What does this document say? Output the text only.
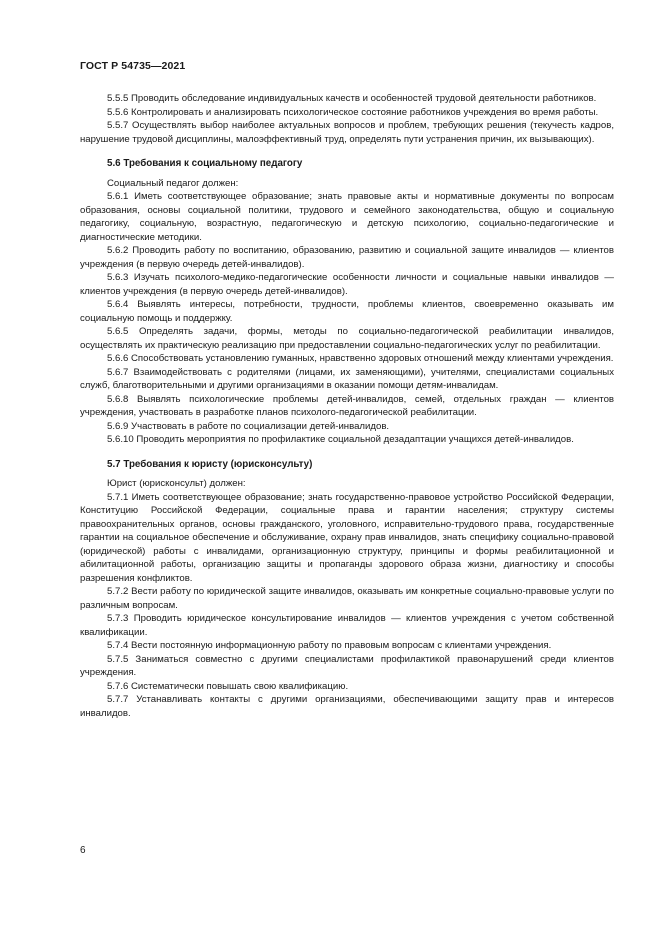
ГОСТ Р 54735—2021

5.5.5 Проводить обследование индивидуальных качеств и особенностей трудовой деятельности работников.

5.5.6 Контролировать и анализировать психологическое состояние работников учреждения во время работы.

5.5.7 Осуществлять выбор наиболее актуальных вопросов и проблем, требующих решения (текучесть кадров, нарушение трудовой дисциплины, малоэффективный труд, определять пути устранения причин, их вызывающих).

5.6 Требования к социальному педагогу

Социальный педагог должен:

5.6.1 Иметь соответствующее образование; знать правовые акты и нормативные документы по вопросам образования, основы социальной политики, трудового и семейного законодательства, общую и социальную педагогику, социальную, возрастную, педагогическую и детскую психологию, социально-педагогические и диагностические методики.

5.6.2 Проводить работу по воспитанию, образованию, развитию и социальной защите инвалидов — клиентов учреждения (в первую очередь детей-инвалидов).

5.6.3 Изучать психолого-медико-педагогические особенности личности и социальные навыки инвалидов — клиентов учреждения (в первую очередь детей-инвалидов).

5.6.4 Выявлять интересы, потребности, трудности, проблемы клиентов, своевременно оказывать им социальную помощь и поддержку.

5.6.5 Определять задачи, формы, методы по социально-педагогической реабилитации инвалидов, осуществлять их практическую реализацию при предоставлении социально-педагогических услуг по реабилитации.

5.6.6 Способствовать установлению гуманных, нравственно здоровых отношений между клиентами учреждения.

5.6.7 Взаимодействовать с родителями (лицами, их заменяющими), учителями, специалистами социальных служб, благотворительными и другими организациями в оказании помощи детям-инвалидам.

5.6.8 Выявлять психологические проблемы детей-инвалидов, семей, отдельных граждан — клиентов учреждения, участвовать в разработке планов психолого-педагогической реабилитации.

5.6.9 Участвовать в работе по социализации детей-инвалидов.

5.6.10 Проводить мероприятия по профилактике социальной дезадаптации учащихся детей-инвалидов.

5.7 Требования к юристу (юрисконсульту)

Юрист (юрисконсульт) должен:

5.7.1 Иметь соответствующее образование; знать государственно-правовое устройство Российской Федерации, Конституцию Российской Федерации, социальные права и гарантии населения; структуру системы правоохранительных органов, основы гражданского, уголовного, исправительно-трудового права, государственные гарантии на социальное обеспечение и обслуживание, охрану прав инвалидов, знать специфику социально-правовой (юридической) работы с инвалидами, организационную структуру, принципы и формы реабилитационной и абилитационной работы, организацию защиты и пропаганды здорового образа жизни, диагностику и способы разрешения конфликтов.

5.7.2 Вести работу по юридической защите инвалидов, оказывать им конкретные социально-правовые услуги по различным вопросам.

5.7.3 Проводить юридическое консультирование инвалидов — клиентов учреждения с учетом собственной квалификации.

5.7.4 Вести постоянную информационную работу по правовым вопросам с клиентами учреждения.

5.7.5 Заниматься совместно с другими специалистами профилактикой правонарушений среди клиентов учреждения.

5.7.6 Систематически повышать свою квалификацию.

5.7.7 Устанавливать контакты с другими организациями, обеспечивающими защиту прав и интересов инвалидов.

6
